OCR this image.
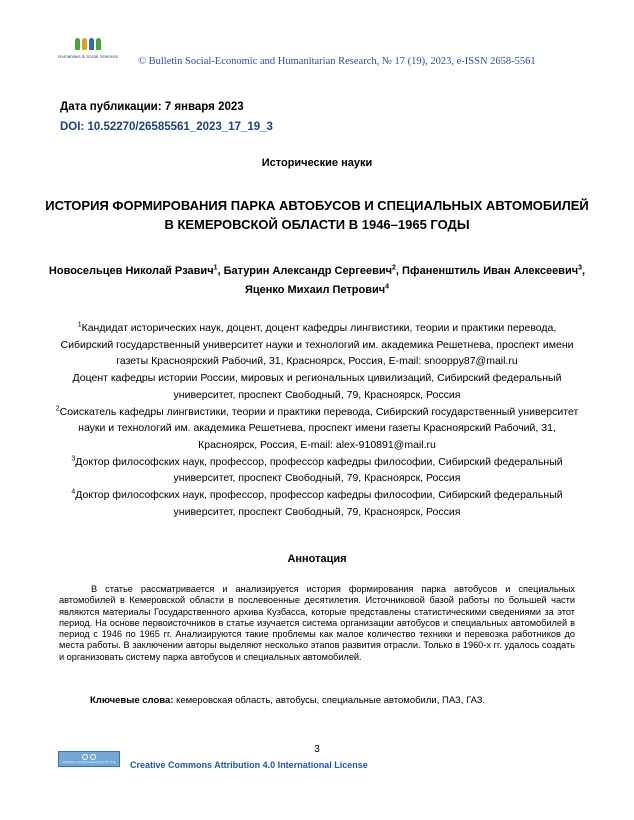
Humanities & Social Sciences © Bulletin Social-Economic and Humanitarian Research, № 17 (19), 2023, e-ISSN 2658-5561
Дата публикации: 7 января 2023
DOI: 10.52270/26585561_2023_17_19_3
Исторические науки
ИСТОРИЯ ФОРМИРОВАНИЯ ПАРКА АВТОБУСОВ И СПЕЦИАЛЬНЫХ АВТОМОБИЛЕЙ В КЕМЕРОВСКОЙ ОБЛАСТИ В 1946–1965 ГОДЫ
Новосельцев Николай Рзавич$^1$, Батурин Александр Сергеевич$^2$, Пфаненштиль Иван Алексеевич$^3$, Яценко Михаил Петрович$^4$
$^1$Кандидат исторических наук, доцент, доцент кафедры лингвистики, теории и практики перевода, Сибирский государственный университет науки и технологий им. академика Решетнева, проспект имени газеты Красноярский Рабочий, 31, Красноярск, Россия, E-mail: snooppy87@mail.ru
Доцент кафедры истории России, мировых и региональных цивилизаций, Сибирский федеральный университет, проспект Свободный, 79, Красноярск, Россия
$^2$Соискатель кафедры лингвистики, теории и практики перевода, Сибирский государственный университет науки и технологий им. академика Решетнева, проспект имени газеты Красноярский Рабочий, 31, Красноярск, Россия, E-mail: alex-910891@mail.ru
$^3$Доктор философских наук, профессор, профессор кафедры философии, Сибирский федеральный университет, проспект Свободный, 79, Красноярск, Россия
$^4$Доктор философских наук, профессор, профессор кафедры философии, Сибирский федеральный университет, проспект Свободный, 79, Красноярск, Россия
Аннотация
В статье рассматривается и анализируется история формирования парка автобусов и специальных автомобилей в Кемеровской области в послевоенные десятилетия. Источниковой базой работы по большей части являются материалы Государственного архива Кузбасса, которые представлены статистическими сведениями за этот период. На основе первоисточников в статье изучается система организации автобусов и специальных автомобилей в период с 1946 по 1965 гг. Анализируются такие проблемы как малое количество техники и перевозка работников до места работы. В заключении авторы выделяют несколько этапов развития отрасли. Только в 1960-х гг. удалось создать и организовать систему парка автобусов и специальных автомобилей.
Ключевые слова: кемеровская область, автобусы, специальные автомобили, ПАЗ, ГАЗ.
3
Attribution 4.0 International (CC BY 4.0)	Creative Commons Attribution 4.0 International License
